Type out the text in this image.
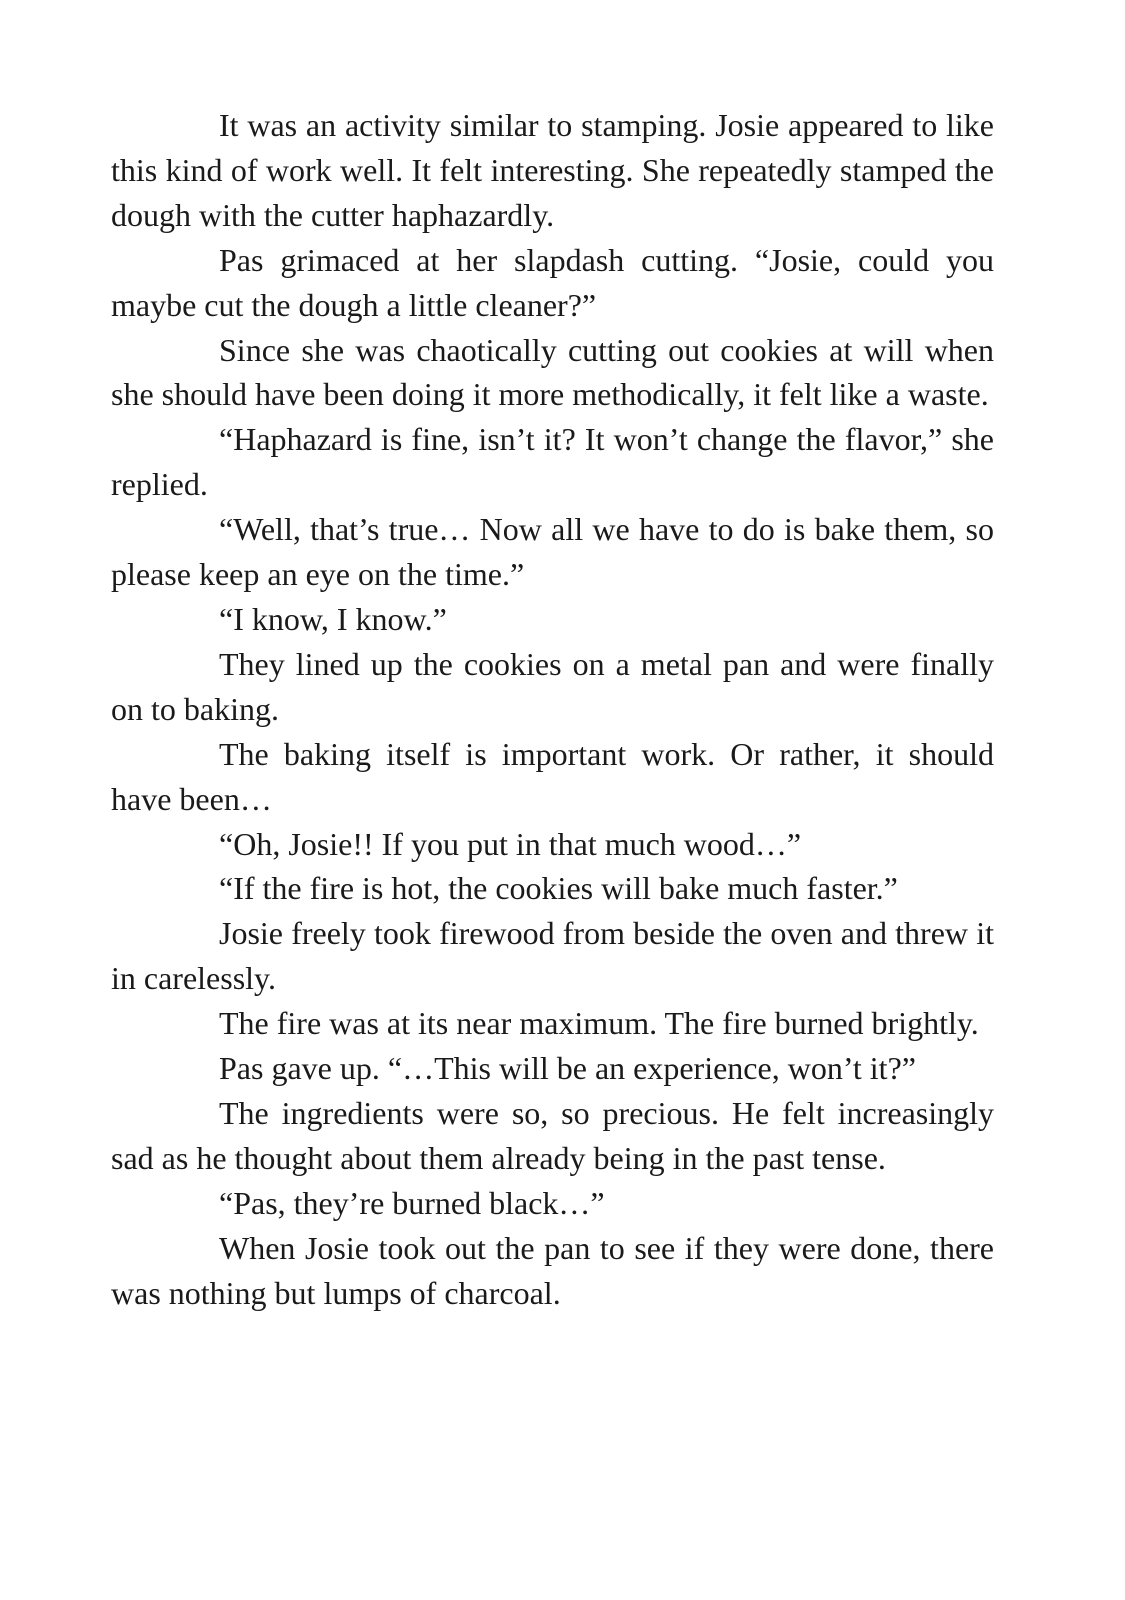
It was an activity similar to stamping. Josie appeared to like this kind of work well. It felt interesting. She repeatedly stamped the dough with the cutter haphazardly.

Pas grimaced at her slapdash cutting. “Josie, could you maybe cut the dough a little cleaner?”

Since she was chaotically cutting out cookies at will when she should have been doing it more methodically, it felt like a waste.

“Haphazard is fine, isn’t it? It won’t change the flavor,” she replied.

“Well, that’s true… Now all we have to do is bake them, so please keep an eye on the time.”

“I know, I know.”

They lined up the cookies on a metal pan and were finally on to baking.

The baking itself is important work. Or rather, it should have been…

“Oh, Josie!! If you put in that much wood…”

“If the fire is hot, the cookies will bake much faster.”

Josie freely took firewood from beside the oven and threw it in carelessly.

The fire was at its near maximum. The fire burned brightly.

Pas gave up. “…This will be an experience, won’t it?”

The ingredients were so, so precious. He felt increasingly sad as he thought about them already being in the past tense.

“Pas, they’re burned black…”

When Josie took out the pan to see if they were done, there was nothing but lumps of charcoal.
